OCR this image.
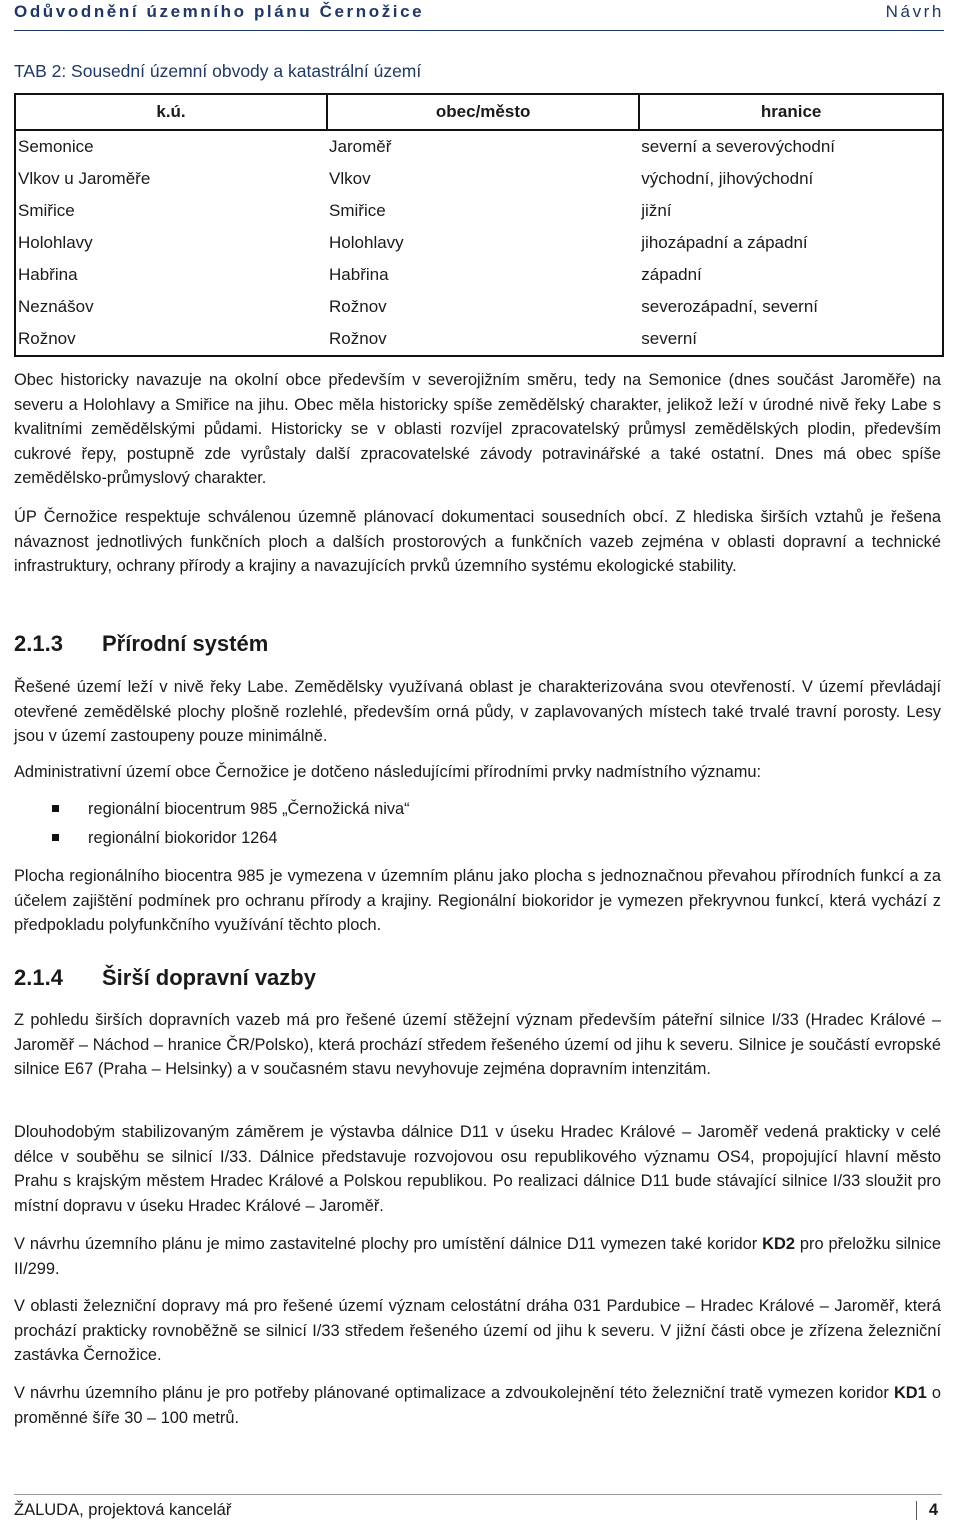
Odůvodnění územního plánu Černožice	Návrh
TAB 2: Sousední územní obvody a katastrální území
k.ú.	obec/město	hranice
Semonice	Jaroměř	severní a severovýchodní
Vlkov u Jaroměře	Vlkov	východní, jihovýchodní
Smiřice	Smiřice	jižní
Holohlavy	Holohlavy	jihozápadní a západní
Habřina	Habřina	západní
Neznášov	Rožnov	severozápadní, severní
Rožnov	Rožnov	severní

Obec historicky navazuje na okolní obce především v severojižním směru, tedy na Semonice (dnes součást Jaroměře) na severu a Holohlavy a Smiřice na jihu. Obec měla historicky spíše zemědělský charakter, jelikož leží v úrodné nivě řeky Labe s kvalitními zemědělskými půdami. Historicky se v oblasti rozvíjel zpracovatelský průmysl zemědělských plodin, především cukrové řepy, postupně zde vyrůstaly další zpracovatelské závody potravinářské a také ostatní. Dnes má obec spíše zemědělsko-průmyslový charakter.

ÚP Černožice respektuje schválenou územně plánovací dokumentaci sousedních obcí. Z hlediska širších vztahů je řešena návaznost jednotlivých funkčních ploch a dalších prostorových a funkčních vazeb zejména v oblasti dopravní a technické infrastruktury, ochrany přírody a krajiny a navazujících prvků územního systému ekologické stability.

2.1.3 Přírodní systém

Řešené území leží v nivě řeky Labe. Zemědělsky využívaná oblast je charakterizována svou otevřeností. V území převládají otevřené zemědělské plochy plošně rozlehlé, především orná půdy, v zaplavovaných místech také trvalé travní porosty. Lesy jsou v území zastoupeny pouze minimálně.

Administrativní území obce Černožice je dotčeno následujícími přírodními prvky nadmístního významu:

regionální biocentrum 985 „Černožická niva“
regionální biokoridor 1264

Plocha regionálního biocentra 985 je vymezena v územním plánu jako plocha s jednoznačnou převahou přírodních funkcí a za účelem zajištění podmínek pro ochranu přírody a krajiny. Regionální biokoridor je vymezen překryvnou funkcí, která vychází z předpokladu polyfunkčního využívání těchto ploch.

2.1.4 Širší dopravní vazby

Z pohledu širších dopravních vazeb má pro řešené území stěžejní význam především páteřní silnice I/33 (Hradec Králové – Jaroměř – Náchod – hranice ČR/Polsko), která prochází středem řešeného území od jihu k severu. Silnice je součástí evropské silnice E67 (Praha – Helsinky) a v současném stavu nevyhovuje zejména dopravním intenzitám.

Dlouhodobým stabilizovaným záměrem je výstavba dálnice D11 v úseku Hradec Králové – Jaroměř vedená prakticky v celé délce v souběhu se silnicí I/33. Dálnice představuje rozvojovou osu republikového významu OS4, propojující hlavní město Prahu s krajským městem Hradec Králové a Polskou republikou. Po realizaci dálnice D11 bude stávající silnice I/33 sloužit pro místní dopravu v úseku Hradec Králové – Jaroměř.

V návrhu územního plánu je mimo zastavitelné plochy pro umístění dálnice D11 vymezen také koridor KD2 pro přeložku silnice II/299.

V oblasti železniční dopravy má pro řešené území význam celostátní dráha 031 Pardubice – Hradec Králové – Jaroměř, která prochází prakticky rovnoběžně se silnicí I/33 středem řešeného území od jihu k severu. V jižní části obce je zřízena železniční zastávka Černožice.

V návrhu územního plánu je pro potřeby plánované optimalizace a zdvoukolejnění této železniční tratě vymezen koridor KD1 o proměnné šíře 30 – 100 metrů.

ŽALUDA, projektová kancelář	4
